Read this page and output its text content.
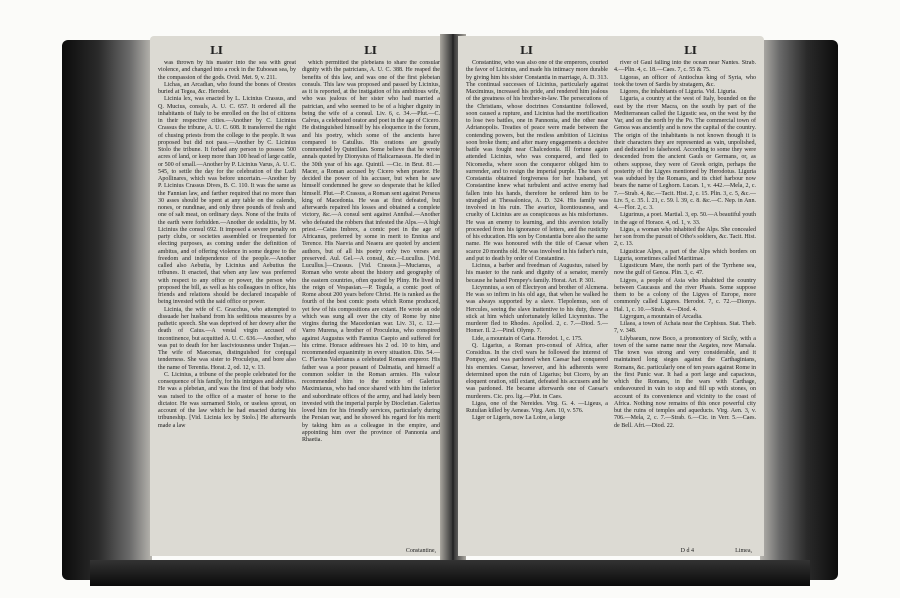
LI	LI

was thrown by his master into the sea with great violence, and changed into a rock in the Euboean sea, by the compassion of the gods. Ovid. Met. 9, v. 211.

Lichas, an Arcadian, who found the bones of Orestes buried at Tegea, &c. Herodot.

Licinia lex, was enacted by L. Licinius Crassus, and Q. Mucius, consuls, A. U. C. 657. It ordered all the inhabitants of Italy to be enrolled on the list of citizens in their respective cities.—Another by C. Licinius Crassus the tribune, A. U. C. 608. It transferred the right of chusing priests from the college to the people. It was proposed but did not pass.—Another by C. Licinius Stolo the tribune. It forbad any person to possess 500 acres of land, or keep more than 100 head of large cattle, or 500 of small.—Another by P. Licinius Varus, A. U. C. 545, to settle the day for the celebration of the Ludi Apollinares, which was before uncertain.—Another by P. Licinius Crassus Dives, B. C. 110. It was the same as the Fannian law, and farther required that no more than 30 asses should be spent at any table on the calends, nones, or nundinae, and only three pounds of fresh and one of salt meat, on ordinary days. None of the fruits of the earth were forbidden.—Another de sodalitiis, by M. Licinius the consul 692. It imposed a severe penalty on party clubs, or societies assembled or frequented for electing purposes, as coming under the definition of ambitus, and of offering violence in some degree to the freedom and independence of the people.—Another called also Aebutia, by Licinius and Aebutius the tribunes. It enacted, that when any law was preferred with respect to any office or power, the person who proposed the bill, as well as his colleagues in office, his friends and relations should be declared incapable of being invested with the said office or power.

Licinia, the wife of C. Gracchus, who attempted to dissuade her husband from his seditious measures by a pathetic speech. She was deprived of her dowry after the death of Caius.—A vestal virgin accused of incontinence, but acquitted A. U. C. 636.—Another, who was put to death for her lasciviousness under Trajan.—The wife of Maecenas, distinguished for conjugal tenderness. She was sister to Proculejus, and bore also the name of Terentia. Horat. 2, od. 12, v. 13.

C. Licinius, a tribune of the people celebrated for the consequence of his family, for his intrigues and abilities. He was a plebeian, and was the first of that body who was raised to the office of a master of horse to the dictator. He was surnamed Stolo, or useless sprout, on account of the law which he had enacted during his tribuneship. [Vid. Licinia lex by Stolo.] He afterwards made a law

which permitted the plebeians to share the consular dignity with the patricians, A. U. C. 388. He reaped the benefits of this law, and was one of the first plebeian consuls. This law was proposed and passed by Licinius, as it is reported, at the instigation of his ambitious wife, who was jealous of her sister who had married a patrician, and who seemed to be of a higher dignity in being the wife of a consul. Liv. 6, c. 34.—Plut.—C. Calvus, a celebrated orator and poet in the age of Cicero. He distinguished himself by his eloquence in the forum, and his poetry, which some of the ancients have compared to Catullus. His orations are greatly commended by Quintilian. Some believe that he wrote annals quoted by Dionysius of Halicarnassus. He died in the 30th year of his age. Quintil. —Cic. in Brut. 81.—Macer, a Roman accused by Cicero when praetor. He decided the power of his accuser, but when he saw himself condemned he grew so desperate that he killed himself. Plut.—P. Crassus, a Roman sent against Perseus king of Macedonia. He was at first defeated, but afterwards repaired his losses and obtained a complete victory, &c.—A consul sent against Annibal.—Another who defeated the robbers that infested the Alps.—A high priest.—Caius Imbrex, a comic poet in the age of Africanus, preferred by some in merit to Ennius and Terence. His Naevia and Neaera are quoted by ancient authors, but of all his poetry only two verses are preserved. Aul. Gel.—A consul, &c.—Lucullus. [Vid. Lucullus.]—Crassus. [Vid. Crassus.]—Mucianus, a Roman who wrote about the history and geography of the eastern countries, often quoted by Pliny. He lived in the reign of Vespasian.—P. Tegula, a comic poet of Rome about 200 years before Christ. He is ranked as the fourth of the best comic poets which Rome produced, yet few of his compositions are extant. He wrote an ode which was sung all over the city of Rome by nine virgins during the Macedonian war. Liv. 31, c. 12.—Varro Murena, a brother of Proculeius, who conspired against Augustus with Fannius Caepio and suffered for his crime. Horace addresses his 2 od. 10 to him, and recommended equanimity in every situation. Dio. 54.—C. Flavius Valerianus a celebrated Roman emperor. His father was a poor peasant of Dalmatia, and himself a common soldier in the Roman armies. His valour recommended him to the notice of Galerius Maximianus, who had once shared with him the inferior and subordinate offices of the army, and had lately been invested with the imperial purple by Diocletian. Galerius loved him for his friendly services, particularly during the Persian war, and he showed his regard for his merit by taking him as a colleague in the empire, and appointing him over the province of Pannonia and Rhaetia.

Constantine,
LI	LI

Constantine, who was also one of the emperors, courted the favor of Licinius, and made his intimacy more durable by giving him his sister Constantia in marriage, A. D. 313. The continual successes of Licinius, particularly against Maximinus, increased his pride, and rendered him jealous of the greatness of his brother-in-law. The persecutions of the Christians, whose doctrines Constantine followed, soon caused a rupture, and Licinius had the mortification to lose two battles, one in Pannonia, and the other near Adrianopolis. Treaties of peace were made between the contending powers, but the restless ambition of Licinius soon broke them; and after many engagements a decisive battle was fought near Chalcedonia. Ill fortune again attended Licinius, who was conquered, and fled to Nicomedia, where soon the conqueror obliged him to surrender, and to resign the imperial purple. The tears of Constantia obtained forgiveness for her husband, yet Constantine knew what turbulent and active enemy had fallen into his hands, therefore he ordered him to be strangled at Thessalonica, A. D. 324. His family was involved in his ruin. The avarice, licentiousness, and cruelty of Licinius are as conspicuous as his misfortunes. He was an enemy to learning, and this aversion totally proceeded from his ignorance of letters, and the rusticity of his education. His son by Constantia bore also the same name. He was honoured with the title of Caesar when scarce 20 months old. He was involved in his father's ruin, and put to death by order of Constantine.

Licinus, a barber and freedman of Augustus, raised by his master to the rank and dignity of a senator, merely because he hated Pompey's family. Horat. Art. P. 301.

Licymnius, a son of Electryon and brother of Alcmena. He was so infirm in his old age, that when he walked he was always supported by a slave. Tlepolemus, son of Hercules, seeing the slave inattentive to his duty, threw a stick at him which unfortunately killed Licymnius. The murderer fled to Rhodes. Apollod. 2, c. 7.—Diod. 5.—Homer. Il. 2.—Pind. Olymp. 7.

Lide, a mountain of Caria. Herodot. 1, c. 175.

Q. Ligarius, a Roman pro-consul of Africa, after Considius. In the civil wars he followed the interest of Pompey, and was pardoned when Caesar had conquered his enemies. Caesar, however, and his adherents were determined upon the ruin of Ligarius; but Cicero, by an eloquent oration, still extant, defeated his accusers and he was pardoned. He became afterwards one of Caesar's murderers. Cic. pro. lig.—Plut. in Caes.

Ligea, one of the Nereides. Virg. G. 4. —Ligeus, a Rutulian killed by Aeneas. Virg. Aen. 10, v. 576.

Liger or Ligeris, now La Loire, a large

river of Gaul falling into the ocean near Nantes. Strab. 4.—Plin. 4, c. 18.—Caes. 7, c. 55 & 75.

Ligoras, an officer of Antiochus king of Syria, who took the town of Sardis by stratagem, &c.

Ligores, the inhabitants of Liguria. Vid. Liguria.

Liguria, a country at the west of Italy, bounded on the east by the river Macra, on the south by part of the Mediterranean called the Ligustic sea, on the west by the Var, and on the north by the Po. The commercial town of Genoa was anciently and is now the capital of the country. The origin of the inhabitants is not known though it is their characters they are represented as vain, unpolished, and dedicated to falsehood. According to some they were descended from the ancient Gauls or Germans, or, as others suppose, they were of Greek origin, perhaps the posterity of the Ligyes mentioned by Herodotus. Liguria was subdued by the Romans, and its chief harbour now bears the name of Leghorn. Lucan. 1, v. 442.—Mela, 2, c. 7.—Strab. 4, &c.—Tacit. Hist. 2, c. 15. Plin. 3, c. 5, &c.—Liv. 5, c. 35. l. 21, c. 59. l. 39, c. 8. &c.—C. Nep. in Ann. 4.—Flor. 2, c. 3.

Ligurinus, a poet. Martial. 3, ep. 50.—A beautiful youth in the age of Horace. 4, od. 1, v. 33.

Ligus, a woman who inhabited the Alps. She concealed her son from the pursuit of Otho's soldiers, &c. Tacit. Hist. 2, c. 13.

Ligusticae Alpes, a part of the Alps which borders on Liguria, sometimes called Maritimae.

Ligusticum Mare, the north part of the Tyrrhene sea, now the gulf of Genoa. Plin. 3, c. 47.

Ligyes, a people of Asia who inhabited the country between Caucasus and the river Phasis. Some suppose them to be a colony of the Ligyes of Europe, more commonly called Ligures. Herodot. 7, c. 72.—Dionys. Hal. 1, c. 10.—Strab. 4.—Diod. 4.

Ligyrgum, a mountain of Arcadia.

Lilaea, a town of Achaia near the Cephisus. Stat. Theb. 7, v. 348.

Lilybaeum, now Boco, a promontory of Sicily, with a town of the same name near the Aegates, now Marsala. The town was strong and very considerable, and it maintained long sieges against the Carthaginians, Romans, &c. particularly one of ten years against Rome in the first Punic war. It had a port large and capacious, which the Romans, in the wars with Carthage, endeavoured in vain to stop and fill up with stones, on account of its convenience and vicinity to the coast of Africa. Nothing now remains of this once powerful city but the ruins of temples and aqueducts. Virg. Aen. 3, v. 706.—Mela, 2, c. 7.—Strab. 6.—Cic. in Verr. 5.—Caes. de Bell. Afri.—Diod. 22.

D d 4	Limea,
